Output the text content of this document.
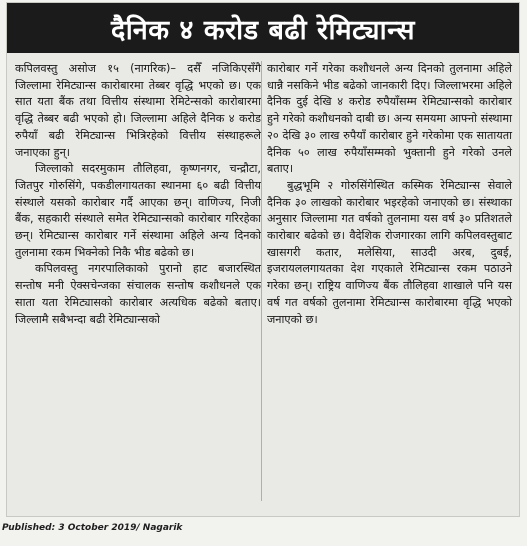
दैनिक ४ करोड बढी रेमिट्यान्स

कपिलवस्तु असोज १५ (नागरिक)– दसैँ नजिकिएसँगै जिल्लामा रेमिट्यान्स कारोबारमा तेब्बर वृद्धि भएको छ। एक सात यता बैंक तथा वित्तीय संस्थामा रेमिटेन्सको कारोबारमा वृद्धि तेब्बर बढी भएको हो। जिल्लामा अहिले दैनिक ४ करोड रुपैयाँ बढी रेमिट्यान्स भित्रिरहेको वित्तीय संस्थाहरूले जनाएका हुन्।

जिल्लाको सदरमुकाम तौलिहवा, कृष्णनगर, चन्द्रौटा, जितपुर गोरुसिंगे, पकडीलगायतका स्थानमा ६० बढी वित्तीय संस्थाले यसको कारोबार गर्दै आएका छन्। वाणिज्य, निजी बैंक, सहकारी संस्थाले समेत रेमिट्यान्सको कारोबार गरिरहेका छन्। रेमिट्यान्स कारोबार गर्ने संस्थामा अहिले अन्य दिनको तुलनामा रकम भिक्नेको निकै भीड बढेको छ।

कपिलवस्तु नगरपालिकाको पुरानो हाट बजारस्थित सन्तोष मनी ऐक्सचेन्जका संचालक सन्तोष कशौधनले एक साता यता रेमिट्यासको कारोबार अत्यधिक बढेको बताए। जिल्लामै सबैभन्दा बढी रेमिट्यान्सको

कारोबार गर्ने गरेका कशौधनले अन्य दिनको तुलनामा अहिले धान्नै नसकिने भीड बढेको जानकारी दिए। जिल्लाभरमा अहिले दैनिक दुई देखि ४ करोड रुपैयाँसम्म रेमिट्यान्सको कारोबार हुने गरेको कशौधनको दाबी छ। अन्य समयमा आफ्नो संस्थामा २० देखि ३० लाख रुपैयाँ कारोबार हुने गरेकोमा एक सातायता दैनिक ५० लाख रुपैयाँसम्मको भुक्तानी हुने गरेको उनले बताए।

बुद्धभूमि २ गोरुसिंगेस्थित कस्मिक रेमिट्यान्स सेवाले दैनिक ३० लाखको कारोबार भइरहेको जनाएको छ। संस्थाका अनुसार जिल्लामा गत वर्षको तुलनामा यस वर्ष ३० प्रतिशतले कारोबार बढेको छ। वैदेशिक रोजगारका लागि कपिलवस्तुबाट खासगरी कतार, मलेसिया, साउदी अरब, दुबई, इजरायललगायतका देश गएकाले रेमिट्यान्स रकम पठाउने गरेका छन्। राष्ट्रिय वाणिज्य बैंक तौलिहवा शाखाले पनि यस वर्ष गत वर्षको तुलनामा रेमिट्यान्स कारोबारमा वृद्धि भएको जनाएको छ।

Published: 3 October 2019/ Nagarik
